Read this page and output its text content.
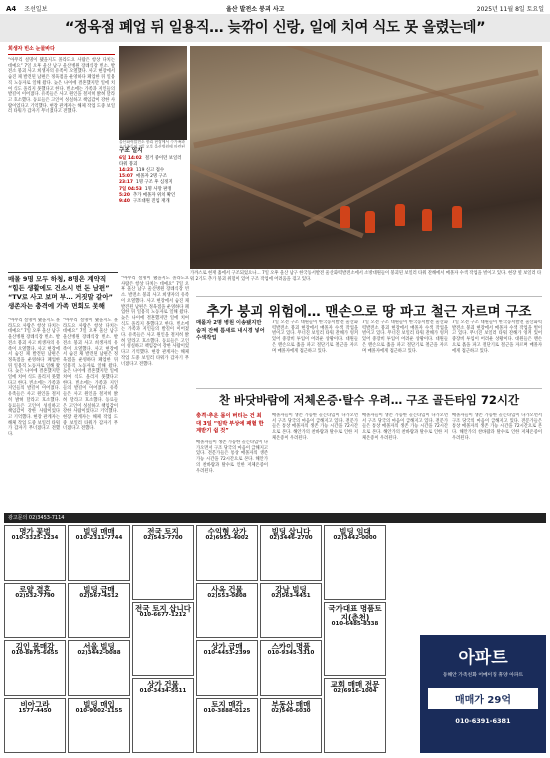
A4 조선일보	울산 발전소 붕괴 사고	2025년 11월 8일 토요일
“정육점 폐업 뒤 일용직… 늦깎이 신랑, 일에 치여 식도 못 올렸는데”
희생자 빈소 눈물바다
“아무리 설명이 됐을지도 몰라도요 사람은 항상 다치는 데예요” 7일 오후 울산 남구 울산병원 장례식장 빈소. 발전소 붕괴 사고 희생자의 유족이 오열했다. 사고 현장에서 숨진 채 발견된 남편은 정육점을 운영하다 폐업한 뒤 일용직 노동자로 일해 왔다. 늦은 나이에 결혼했지만 일에 치여 식도 올리지 못했다고 한다. 빈소에는 가족과 지인들의 발길이 이어졌다. 유족들은 사고 원인을 철저히 밝혀 달라고 호소했다. 동료들은 고인이 성실하고 책임감이 강한 사람이었다고 기억했다. 현장 관계자는 해체 작업 도중 보일러 타워가 갑자기 무너졌다고 전했다.
울산화력발전소 붕괴 현장에서 수가족과 유가족들이 7일 오후 울산병원에 마련된
구조 일지
6일 14:02 철거 중이던 보일러 타워 붕괴
14:23 119 신고 접수
15:07 매몰자 2명 구조
23:17 1명 구조 후 심정지
7일 04:53 1명 사망 판정
5:20 추가 매몰자 위치 확인
9:40 구조대원 진입 재개
가까스로 현재 흙에서 구조되었으나… 7일 오후 울산 남구 한국동서발전 울산화력발전소에서 소방대원들이 붕괴된 보일러 타워 잔해에서 매몰자 수색 작업을 벌이고 있다. 현장 옆 보일러 타워 2기도 추가 붕괴 위험이 있어 구조 작업에 어려움을 겪고 있다.
매몰 9명 모두 하청, 8명은 계약직 “힘든 생활에도 건소시 번 돈 남편” “TV로 사고 보며 부… 거짓말 같아” 생존자는 충격에 가족 면회도 못해
“아무리 설명이 됐을지도 몰라도요 사람은 항상 다치는 데예요” 7일 오후 울산 남구 울산병원 장례식장 빈소. 발전소 붕괴 사고 희생자의 유족이 오열했다. 사고 현장에서 숨진 채 발견된 남편은 정육점을 운영하다 폐업한 뒤 일용직 노동자로 일해 왔다. 늦은 나이에 결혼했지만 일에 치여 식도 올리지 못했다고 한다. 빈소에는 가족과 지인들의 발길이 이어졌다. 유족들은 사고 원인을 철저히 밝혀 달라고 호소했다. 동료들은 고인이 성실하고 책임감이 강한 사람이었다고 기억했다. 현장 관계자는 해체 작업 도중 보일러 타워가 갑자기 무너졌다고 전했다.
“아무리 설명이 됐을지도 몰라도요 사람은 항상 다치는 데예요” 7일 오후 울산 남구 울산병원 장례식장 빈소. 발전소 붕괴 사고 희생자의 유족이 오열했다. 사고 현장에서 숨진 채 발견된 남편은 정육점을 운영하다 폐업한 뒤 일용직 노동자로 일해 왔다. 늦은 나이에 결혼했지만 일에 치여 식도 올리지 못했다고 한다. 빈소에는 가족과 지인들의 발길이 이어졌다. 유족들은 사고 원인을 철저히 밝혀 달라고 호소했다. 동료들은 고인이 성실하고 책임감이 강한 사람이었다고 기억했다. 현장 관계자는 해체 작업 도중 보일러 타워가 갑자기 무너졌다고 전했다.
“아무리 설명이 됐을지도 몰라도요 사람은 항상 다치는 데예요” 7일 오후 울산 남구 울산병원 장례식장 빈소. 발전소 붕괴 사고 희생자의 유족이 오열했다. 사고 현장에서 숨진 채 발견된 남편은 정육점을 운영하다 폐업한 뒤 일용직 노동자로 일해 왔다. 늦은 나이에 결혼했지만 일에 치여 식도 올리지 못했다고 한다. 빈소에는 가족과 지인들의 발길이 이어졌다. 유족들은 사고 원인을 철저히 밝혀 달라고 호소했다. 동료들은 고인이 성실하고 책임감이 강한 사람이었다고 기억했다. 현장 관계자는 해체 작업 도중 보일러 타워가 갑자기 무너졌다고 전했다.
추가 붕괴 위험에… 맨손으로 땅 파고 철근 자르며 구조
매몰자 2명 병원 이송됐지만 숨져 잔해 틈새로 내시경 넣어 수색작업
7일 오전 구조 대원들이 한국동서발전 울산화력발전소 붕괴 현장에서 매몰자 수색 작업을 벌이고 있다. 무너진 보일러 타워 잔해가 엉켜 있어 중장비 투입이 어려운 상황이다. 대원들은 맨손으로 흙을 파고 절단기로 철근을 자르며 매몰자에게 접근하고 있다.
7일 오전 구조 대원들이 한국동서발전 울산화력발전소 붕괴 현장에서 매몰자 수색 작업을 벌이고 있다. 무너진 보일러 타워 잔해가 엉켜 있어 중장비 투입이 어려운 상황이다. 대원들은 맨손으로 흙을 파고 절단기로 철근을 자르며 매몰자에게 접근하고 있다.
7일 오전 구조 대원들이 한국동서발전 울산화력발전소 붕괴 현장에서 매몰자 수색 작업을 벌이고 있다. 무너진 보일러 타워 잔해가 엉켜 있어 중장비 투입이 어려운 상황이다. 대원들은 맨손으로 흙을 파고 절단기로 철근을 자르며 매몰자에게 접근하고 있다.
찬 바닷바람에 저체온증·탈수 우려… 구조 골든타임 72시간
충격·추운 몸이 버티는 건 최대 3일 “임박 부상에 패혈 한계받기 쉽 것”
매몰자들이 생존 가능한 골든타임이 다가오면서 구조 당국의 마음이 급해지고 있다. 전문가들은 통상 매몰자의 생존 가능 시간을 72시간으로 본다. 해안가의 찬바람과 탈수로 인한 저체온증이 우려된다.
매몰자들이 생존 가능한 골든타임이 다가오면서 구조 당국의 마음이 급해지고 있다. 전문가들은 통상 매몰자의 생존 가능 시간을 72시간으로 본다. 해안가의 찬바람과 탈수로 인한 저체온증이 우려된다.
매몰자들이 생존 가능한 골든타임이 다가오면서 구조 당국의 마음이 급해지고 있다. 전문가들은 통상 매몰자의 생존 가능 시간을 72시간으로 본다. 해안가의 찬바람과 탈수로 인한 저체온증이 우려된다.
매몰자들이 생존 가능한 골든타임이 다가오면서 구조 당국의 마음이 급해지고 있다. 전문가들은 통상 매몰자의 생존 가능 시간을 72시간으로 본다. 해안가의 찬바람과 탈수로 인한 저체온증이 우려된다.
광고문의 02)3453-7114
명가 꽃벌
010-3325-1234
로얄 결혼
02)532-7790
김인 몸매감
010-8875-6655
비아그라
1577-4450
빌딩 매매
010-2311-7744
빌딩 급매
02)567-4512
서울 빌딩
02)3442-0088
빌딩 매입
010-9002-1155
전국 토지
02)543-7700
전국 토지 삽니다
010-6677-1212
상가 건물
010-3434-5511
수익형 상가
02)6953-4002
사옥 건물
02)553-0808
상가 급매
010-4453-2399
토지 매각
010-3888-0125
빌딩 삽니다
02)3446-2700
강남 빌딩
02)563-4451
스카이 명품
010-9345-3310
부동산 매매
02)540-6030
빌딩 임대
02)3442-0000
국가대표 명품토지(춘천)
010-6485-8338
교회 매매 전문
02)6916-1004
아파트
동해안 가족친화 어메이징 휴양 아파트
매매가 29억
010-6391-6381
